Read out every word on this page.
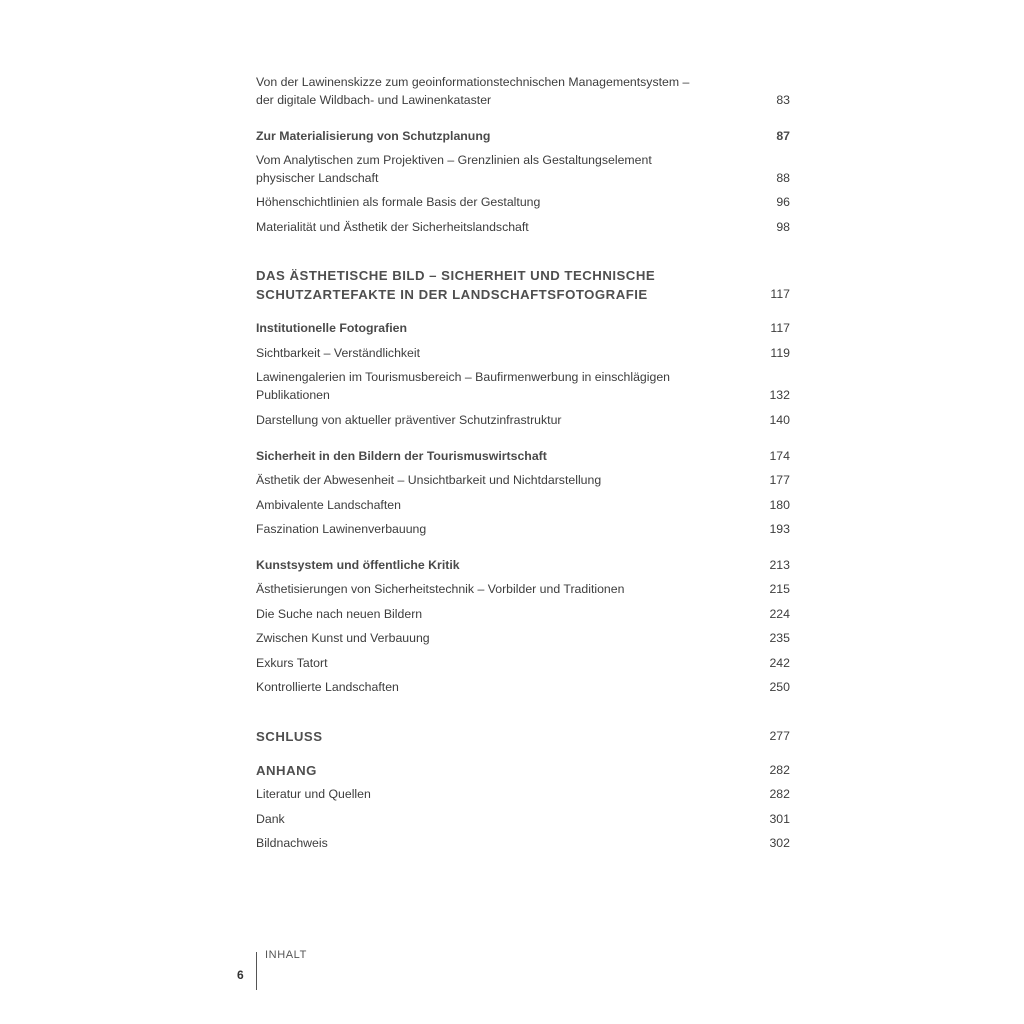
Von der Lawinenskizze zum geoinformationstechnischen Managementsystem –
der digitale Wildbach- und Lawinenkataster	83
Zur Materialisierung von Schutzplanung	87
Vom Analytischen zum Projektiven – Grenzlinien als Gestaltungselement
physischer Landschaft	88
Höhenschichtlinien als formale Basis der Gestaltung	96
Materialität und Ästhetik der Sicherheitslandschaft	98
DAS ÄSTHETISCHE BILD – SICHERHEIT UND TECHNISCHE
SCHUTZARTEFAKTE IN DER LANDSCHAFTSFOTOGRAFIE	117
Institutionelle Fotografien	117
Sichtbarkeit – Verständlichkeit	119
Lawinengalerien im Tourismusbereich – Baufirmenwerbung in einschlägigen
Publikationen	132
Darstellung von aktueller präventiver Schutzinfrastruktur	140
Sicherheit in den Bildern der Tourismuswirtschaft	174
Ästhetik der Abwesenheit – Unsichtbarkeit und Nichtdarstellung	177
Ambivalente Landschaften	180
Faszination Lawinenverbauung	193
Kunstsystem und öffentliche Kritik	213
Ästhetisierungen von Sicherheitstechnik – Vorbilder und Traditionen	215
Die Suche nach neuen Bildern	224
Zwischen Kunst und Verbauung	235
Exkurs Tatort	242
Kontrollierte Landschaften	250
SCHLUSS	277
ANHANG	282
Literatur und Quellen	282
Dank	301
Bildnachweis	302
INHALT
6
